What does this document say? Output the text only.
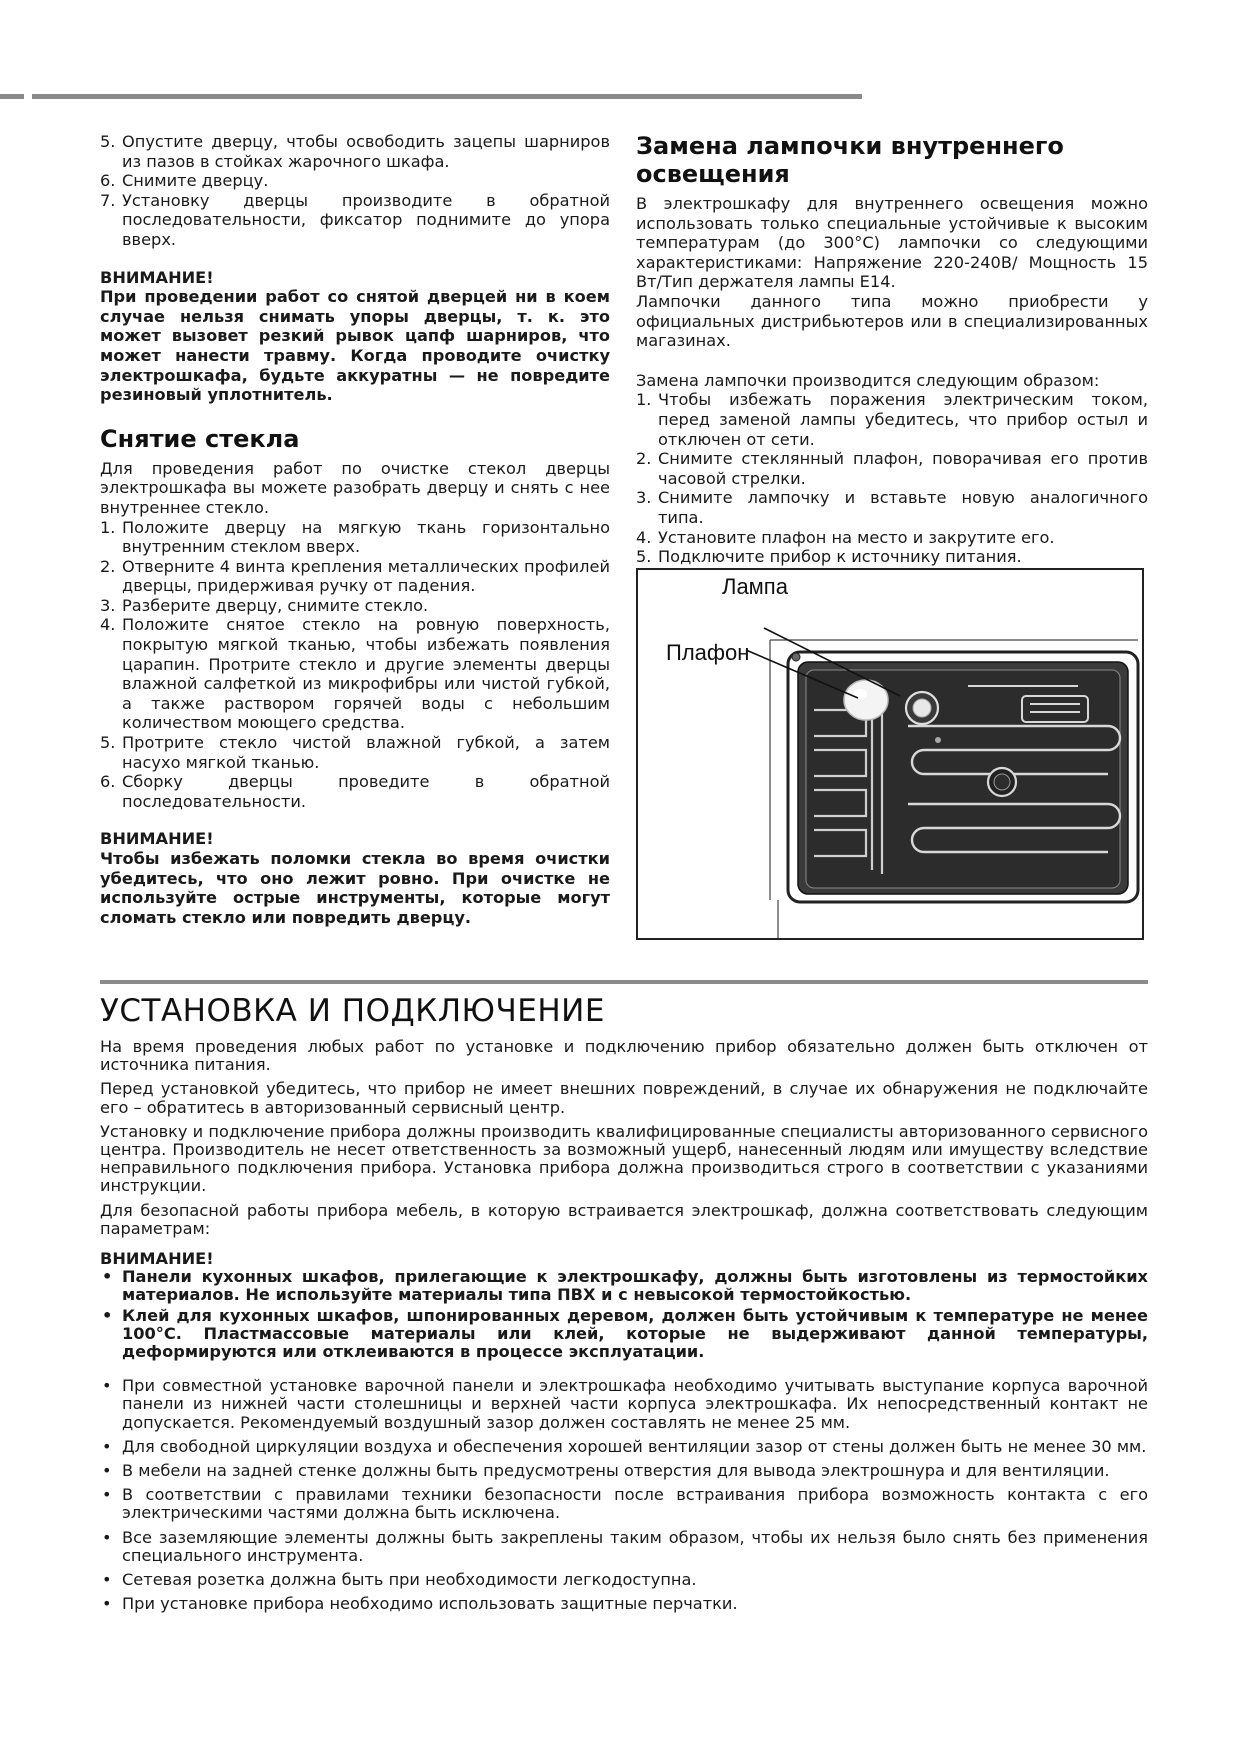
5. Опустите дверцу, чтобы освободить зацепы шарниров из пазов в стойках жарочного шкафа.
6. Снимите дверцу.
7. Установку дверцы производите в обратной последовательности, фиксатор поднимите до упора вверх.
ВНИМАНИЕ!
При проведении работ со снятой дверцей ни в коем случае нельзя снимать упоры дверцы, т. к. это может вызовет резкий рывок цапф шарниров, что может нанести травму. Когда проводите очистку электрошкафа, будьте аккуратны — не повредите резиновый уплотнитель.
Снятие стекла
Для проведения работ по очистке стекол дверцы электрошкафа вы можете разобрать дверцу и снять с нее внутреннее стекло.
1. Положите дверцу на мягкую ткань горизонтально внутренним стеклом вверх.
2. Отверните 4 винта крепления металлических профилей дверцы, придерживая ручку от падения.
3. Разберите дверцу, снимите стекло.
4. Положите снятое стекло на ровную поверхность, покрытую мягкой тканью, чтобы избежать появления царапин. Протрите стекло и другие элементы дверцы влажной салфеткой из микрофибры или чистой губкой, а также раствором горячей воды с небольшим количеством моющего средства.
5. Протрите стекло чистой влажной губкой, а затем насухо мягкой тканью.
6. Сборку дверцы проведите в обратной последовательности.
ВНИМАНИЕ!
Чтобы избежать поломки стекла во время очистки убедитесь, что оно лежит ровно. При очистке не используйте острые инструменты, которые могут сломать стекло или повредить дверцу.
Замена лампочки внутреннего освещения
В электрошкафу для внутреннего освещения можно использовать только специальные устойчивые к высоким температурам (до 300°С) лампочки со следующими характеристиками: Напряжение 220-240В/ Мощность 15 Вт/Тип держателя лампы Е14.
Лампочки данного типа можно приобрести у официальных дистрибьютеров или в специализированных магазинах.
Замена лампочки производится следующим образом:
1. Чтобы избежать поражения электрическим током, перед заменой лампы убедитесь, что прибор остыл и отключен от сети.
2. Снимите стеклянный плафон, поворачивая его против часовой стрелки.
3. Снимите лампочку и вставьте новую аналогичного типа.
4. Установите плафон на место и закрутите его.
5. Подключите прибор к источнику питания.
Лампа
Плафон
УСТАНОВКА И ПОДКЛЮЧЕНИЕ

На время проведения любых работ по установке и подключению прибор обязательно должен быть отключен от источника питания.

Перед установкой убедитесь, что прибор не имеет внешних повреждений, в случае их обнаружения не подключайте его – обратитесь в авторизованный сервисный центр.

Установку и подключение прибора должны производить квалифицированные специалисты авторизованного сервисного центра. Производитель не несет ответственность за возможный ущерб, нанесенный людям или имуществу вследствие неправильного подключения прибора. Установка прибора должна производиться строго в соответствии с указаниями инструкции.

Для безопасной работы прибора мебель, в которую встраивается электрошкаф, должна соответствовать следующим параметрам:

ВНИМАНИЕ!
• Панели кухонных шкафов, прилегающие к электрошкафу, должны быть изготовлены из термостойких материалов. Не используйте материалы типа ПВХ и с невысокой термостойкостью.
• Клей для кухонных шкафов, шпонированных деревом, должен быть устойчивым к температуре не менее 100°С. Пластмассовые материалы или клей, которые не выдерживают данной температуры, деформируются или отклеиваются в процессе эксплуатации.
• При совместной установке варочной панели и электрошкафа необходимо учитывать выступание корпуса варочной панели из нижней части столешницы и верхней части корпуса электрошкафа. Их непосредственный контакт не допускается. Рекомендуемый воздушный зазор должен составлять не менее 25 мм.
• Для свободной циркуляции воздуха и обеспечения хорошей вентиляции зазор от стены должен быть не менее 30 мм.
• В мебели на задней стенке должны быть предусмотрены отверстия для вывода электрошнура и для вентиляции.
• В соответствии с правилами техники безопасности после встраивания прибора возможность контакта с его электрическими частями должна быть исключена.
• Все заземляющие элементы должны быть закреплены таким образом, чтобы их нельзя было снять без применения специального инструмента.
• Сетевая розетка должна быть при необходимости легкодоступна.
• При установке прибора необходимо использовать защитные перчатки.
